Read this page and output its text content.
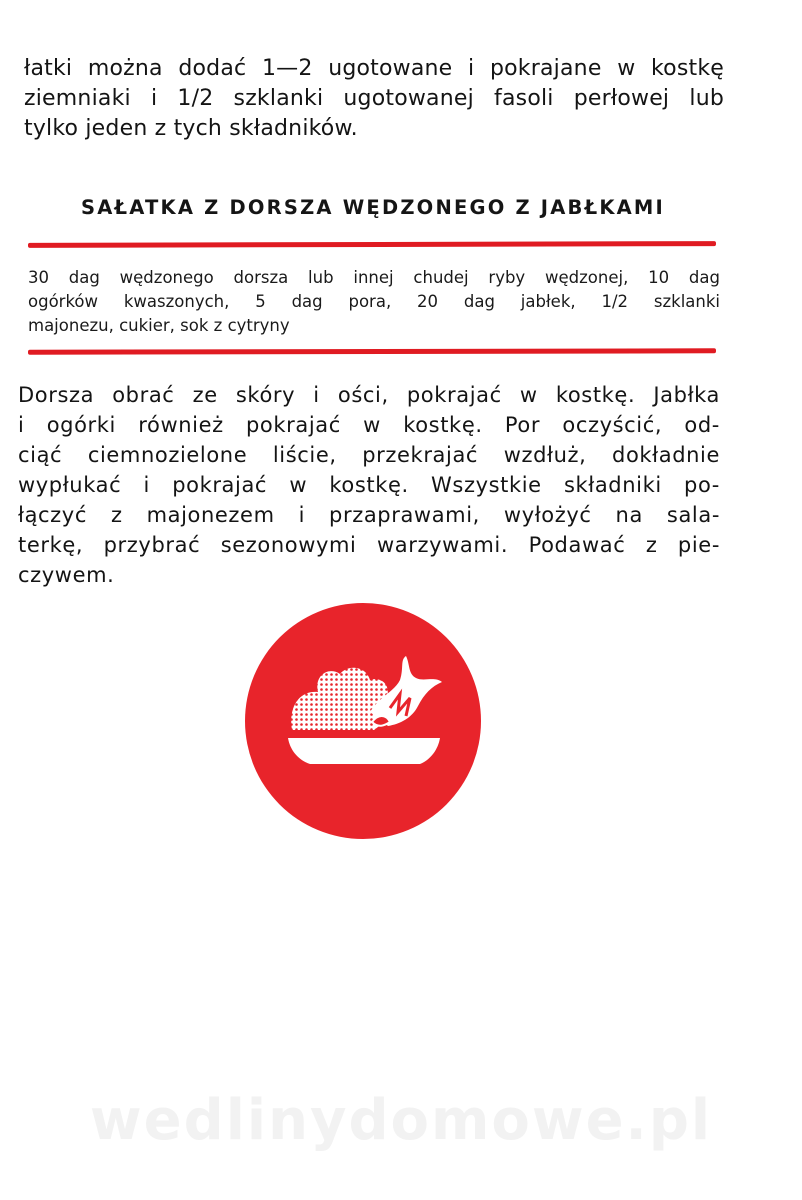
łatki można dodać 1—2 ugotowane i pokrajane w kostkę
ziemniaki i 1/2 szklanki ugotowanej fasoli perłowej lub
tylko jeden z tych składników.
SAŁATKA Z DORSZA WĘDZONEGO Z JABŁKAMI
30 dag wędzonego dorsza lub innej chudej ryby wędzonej, 10 dag
ogórków kwaszonych, 5 dag pora, 20 dag jabłek, 1/2 szklanki
majonezu, cukier, sok z cytryny
Dorsza obrać ze skóry i ości, pokrajać w kostkę. Jabłka
i ogórki również pokrajać w kostkę. Por oczyścić, od-
ciąć ciemnozielone liście, przekrajać wzdłuż, dokładnie
wypłukać i pokrajać w kostkę. Wszystkie składniki po-
łączyć z majonezem i przaprawami, wyłożyć na sala-
terkę, przybrać sezonowymi warzywami. Podawać z pie-
czywem.
wedlinydomowe.pl
